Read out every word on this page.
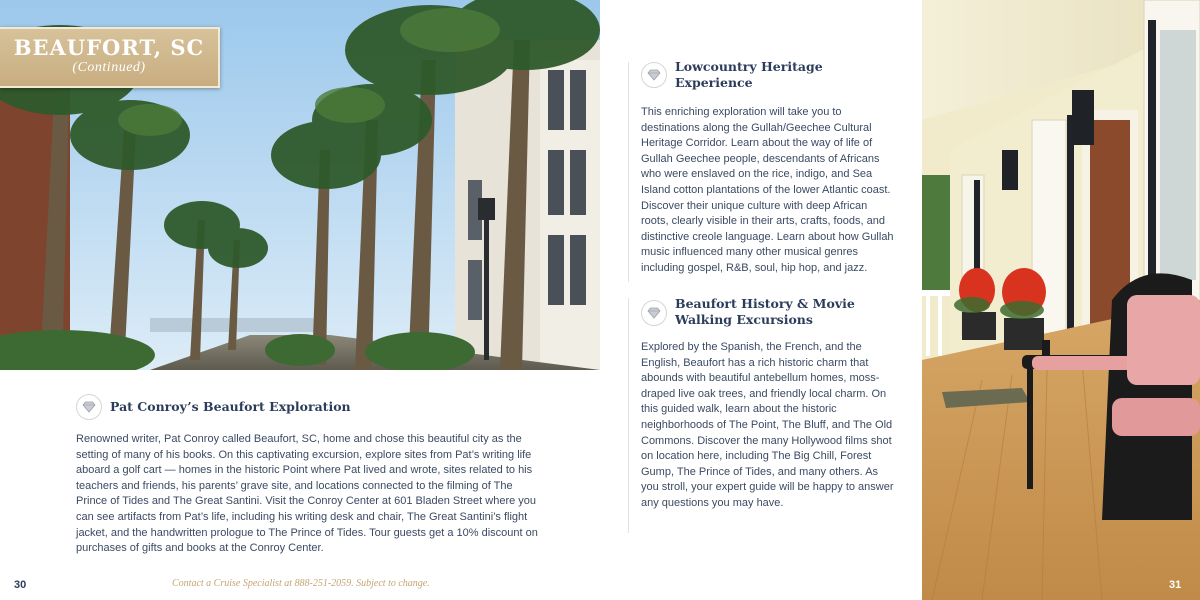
BEAUFORT, SC
(Continued)
Pat Conroy’s Beaufort Exploration

Renowned writer, Pat Conroy called Beaufort, SC, home and chose this beautiful city as the setting of many of his books. On this captivating excursion, explore sites from Pat’s writing life aboard a golf cart — homes in the historic Point where Pat lived and wrote, sites related to his teachers and friends, his parents’ grave site, and locations connected to the filming of The Prince of Tides and The Great Santini. Visit the Conroy Center at 601 Bladen Street where you can see artifacts from Pat’s life, including his writing desk and chair, The Great Santini’s flight jacket, and the handwritten prologue to The Prince of Tides. Tour guests get a 10% discount on purchases of gifts and books at the Conroy Center.

Lowcountry Heritage Experience

This enriching exploration will take you to destinations along the Gullah/Geechee Cultural Heritage Corridor. Learn about the way of life of Gullah Geechee people, descendants of Africans who were enslaved on the rice, indigo, and Sea Island cotton plantations of the lower Atlantic coast. Discover their unique culture with deep African roots, clearly visible in their arts, crafts, foods, and distinctive creole language. Learn about how Gullah music influenced many other musical genres including gospel, R&B, soul, hip hop, and jazz.

Beaufort History & Movie
Walking Excursions

Explored by the Spanish, the French, and the English, Beaufort has a rich historic charm that abounds with beautiful antebellum homes, moss-draped live oak trees, and friendly local charm. On this guided walk, learn about the historic neighborhoods of The Point, The Bluff, and The Old Commons. Discover the many Hollywood films shot on location here, including The Big Chill, Forest Gump, The Prince of Tides, and many others. As you stroll, your expert guide will be happy to answer any questions you may have.

30	Contact a Cruise Specialist at 888-251-2059. Subject to change.	31
